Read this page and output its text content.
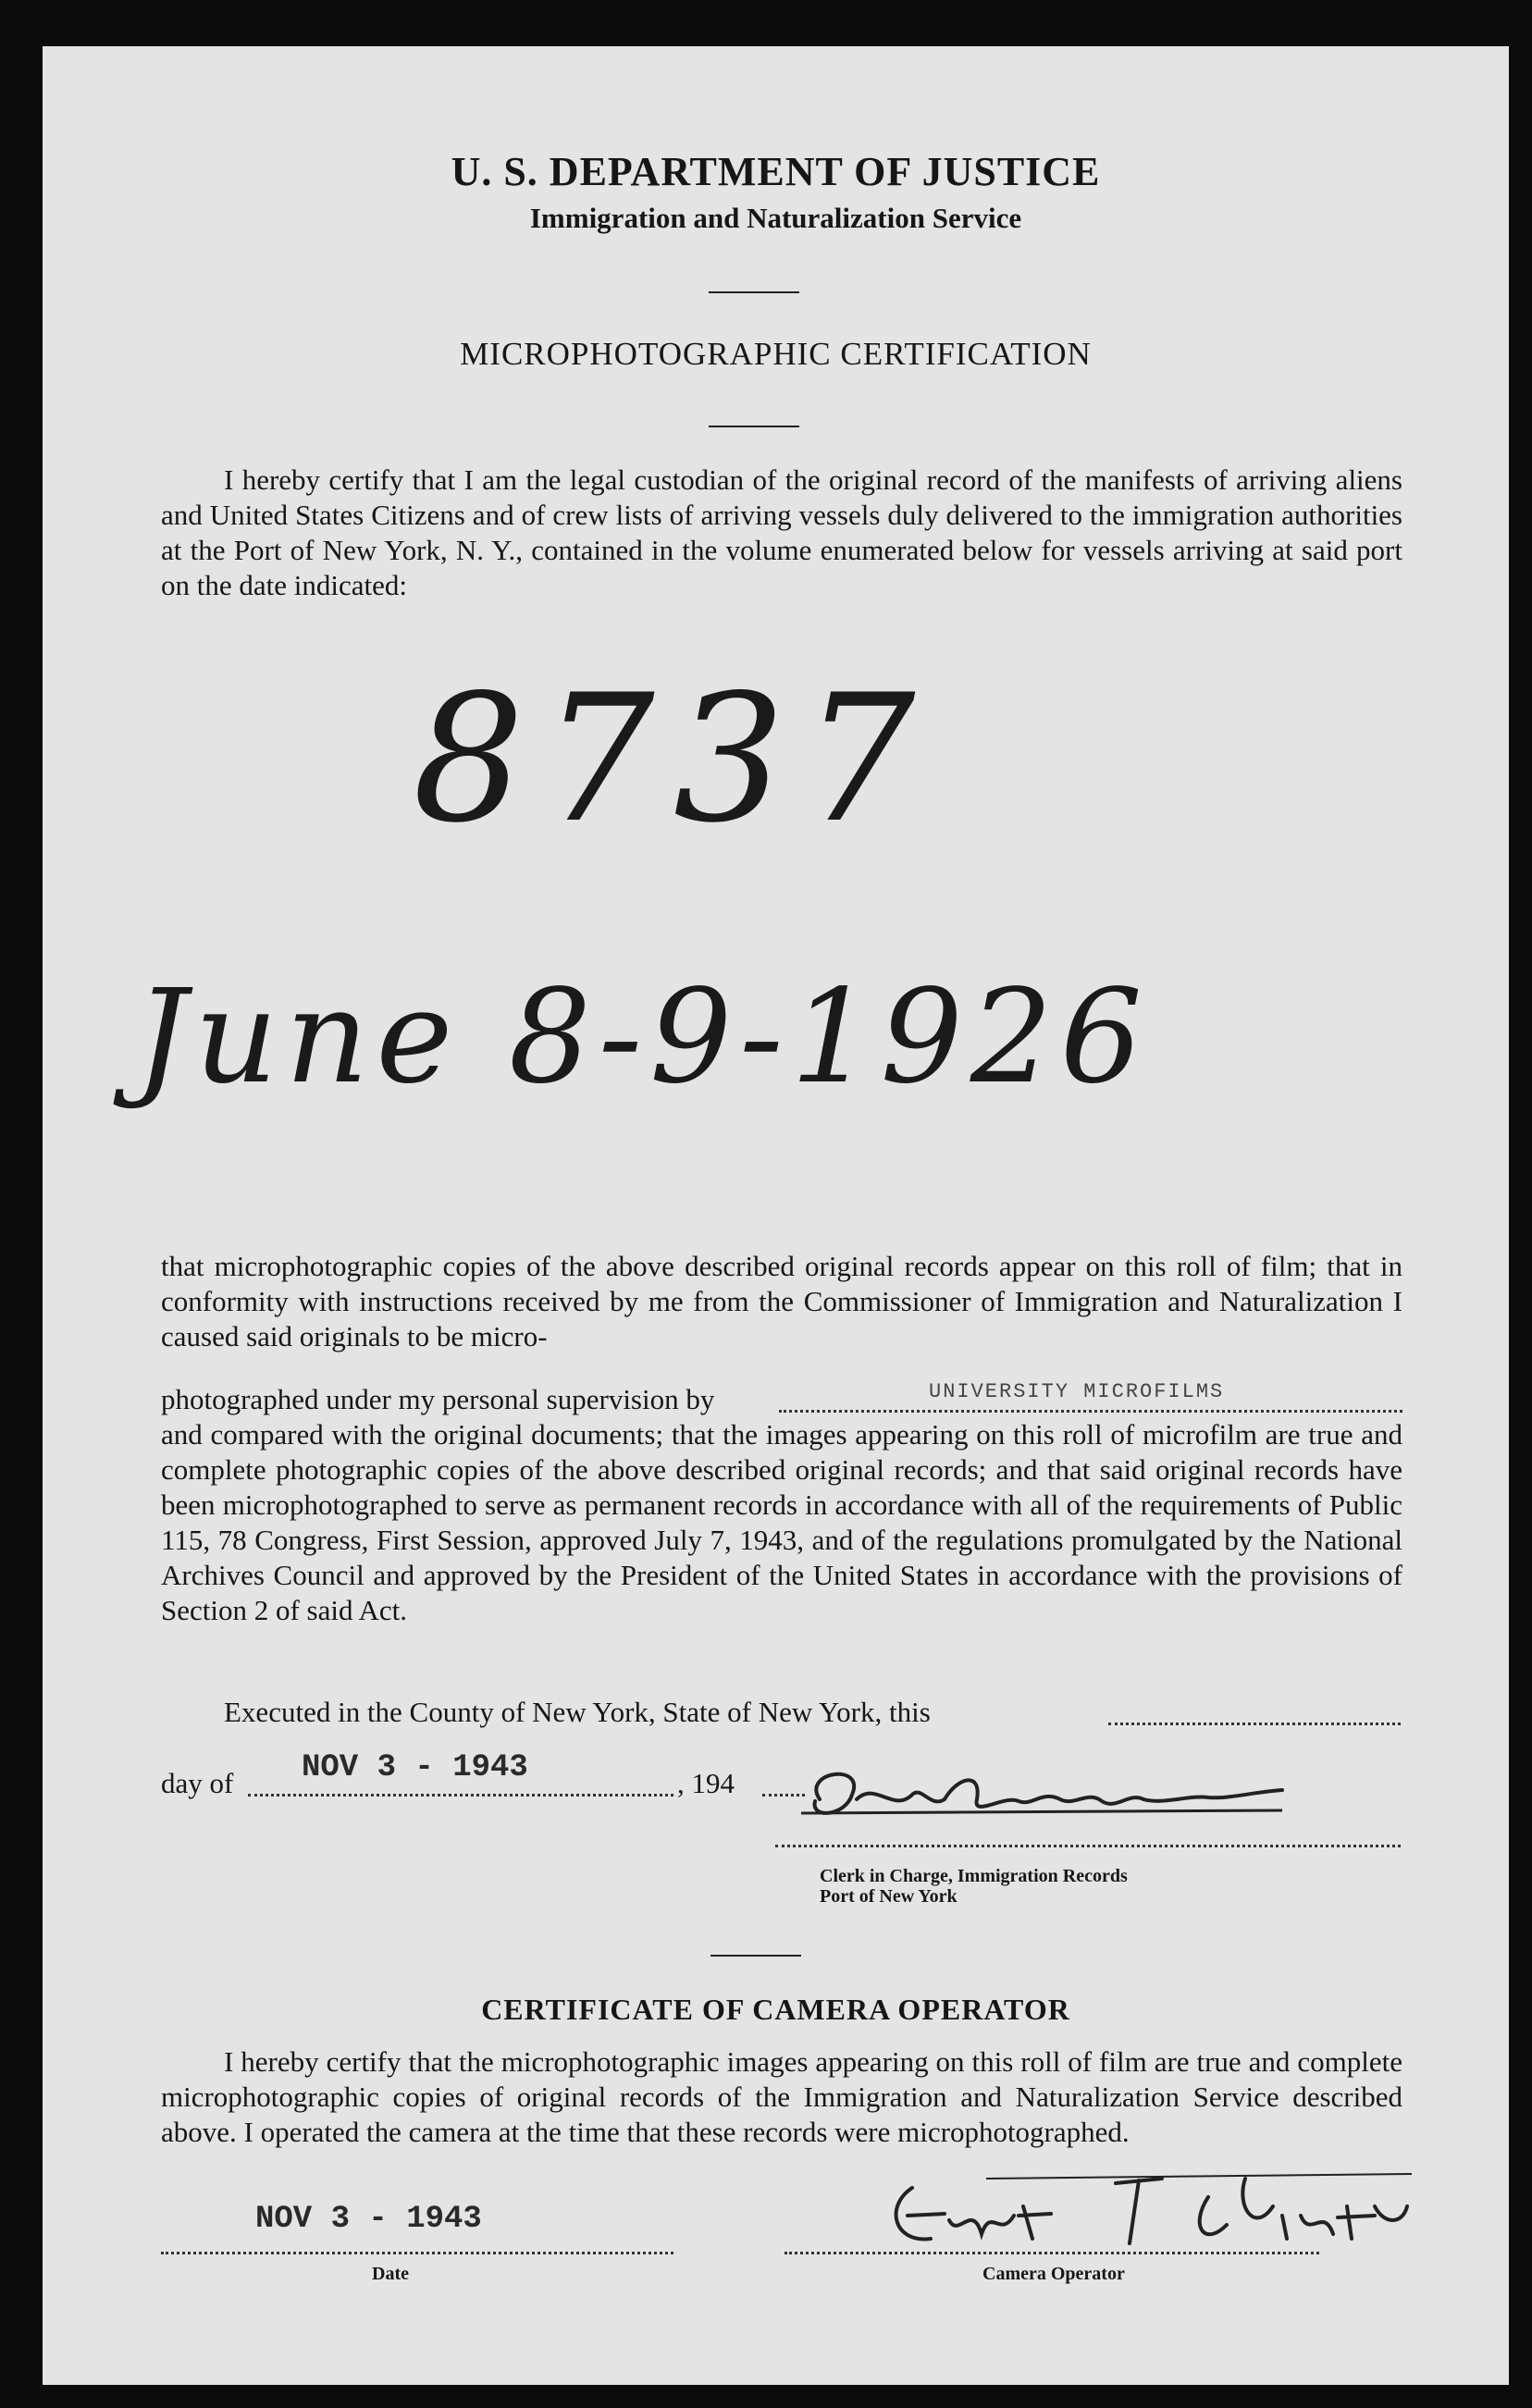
U. S. DEPARTMENT OF JUSTICE
Immigration and Naturalization Service
MICROPHOTOGRAPHIC CERTIFICATION

I hereby certify that I am the legal custodian of the original record of the manifests of arriving aliens and United States Citizens and of crew lists of arriving vessels duly delivered to the immigration authorities at the Port of New York, N. Y., contained in the volume enumerated below for vessels arriving at said port on the date indicated:

8737
June 8-9-1926

that microphotographic copies of the above described original records appear on this roll of film; that in conformity with instructions received by me from the Commissioner of Immigration and Naturalization I caused said originals to be micro-

photographed under my personal supervision by	UNIVERSITY MICROFILMS

and compared with the original documents; that the images appearing on this roll of microfilm are true and complete photographic copies of the above described original records; and that said original records have been microphotographed to serve as permanent records in accordance with all of the requirements of Public 115, 78 Congress, First Session, approved July 7, 1943, and of the regulations promulgated by the National Archives Council and approved by the President of the United States in accordance with the provisions of Section 2 of said Act.

Executed in the County of New York, State of New York, this
day of NOV 3 - 1943	, 194
Clerk in Charge, Immigration Records
Port of New York
CERTIFICATE OF CAMERA OPERATOR

I hereby certify that the microphotographic images appearing on this roll of film are true and complete microphotographic copies of original records of the Immigration and Naturalization Service described above. I operated the camera at the time that these records were microphotographed.

NOV 3 - 1943
Date	Camera Operator
